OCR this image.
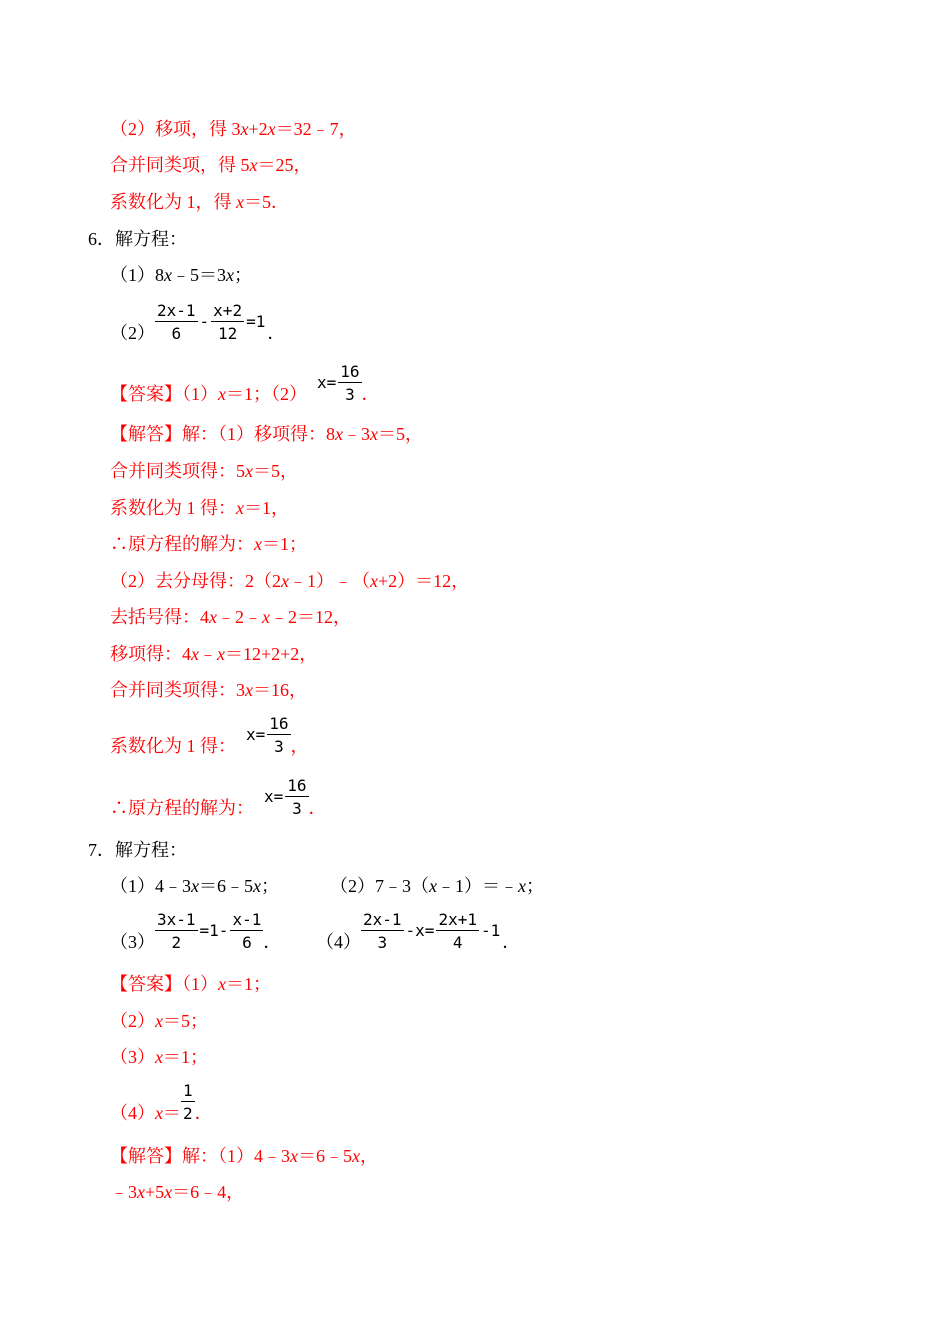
（2）移项，得 3x+2x＝32﹣7，
合并同类项，得 5x＝25，
系数化为 1，得 x＝5．
6．解方程：
（1）8x﹣5＝3x；
$(2) \frac{2x-1}{6} - \frac{x+2}{12} =1$．
【答案】（1）x＝1；$(2)x= \frac{16}{3}$ ．
【解答】解：（1）移项得：8x﹣3x＝5，
合并同类项得：5x＝5，
系数化为 1 得：x＝1，
∴原方程的解为：x＝1；
（2）去分母得：2（2x﹣1）﹣（x+2）＝12，
去括号得：4x﹣2﹣x﹣2＝12，
移项得：4x﹣x＝12+2+2，
合并同类项得：3x＝16，
系数化为 1 得：$x= \frac{16}{3}$ ，
∴原方程的解为：$x= \frac{16}{3}$ ．
7．解方程：
（1）4﹣3x＝6﹣5x；	（2）7﹣3（x﹣1）＝﹣x；
$(3) \frac{3x-1}{2} =1- \frac{x-1}{6}$ ． $(4) \frac{2x-1}{3} -x= \frac{2x+1}{4} -1$．
【答案】（1）x＝1；
（2）x＝5；
（3）x＝1；
$(4)x= \frac{1}{2}$ ．
【解答】解：（1）4﹣3x＝6﹣5x，
﹣3x+5x＝6﹣4，
